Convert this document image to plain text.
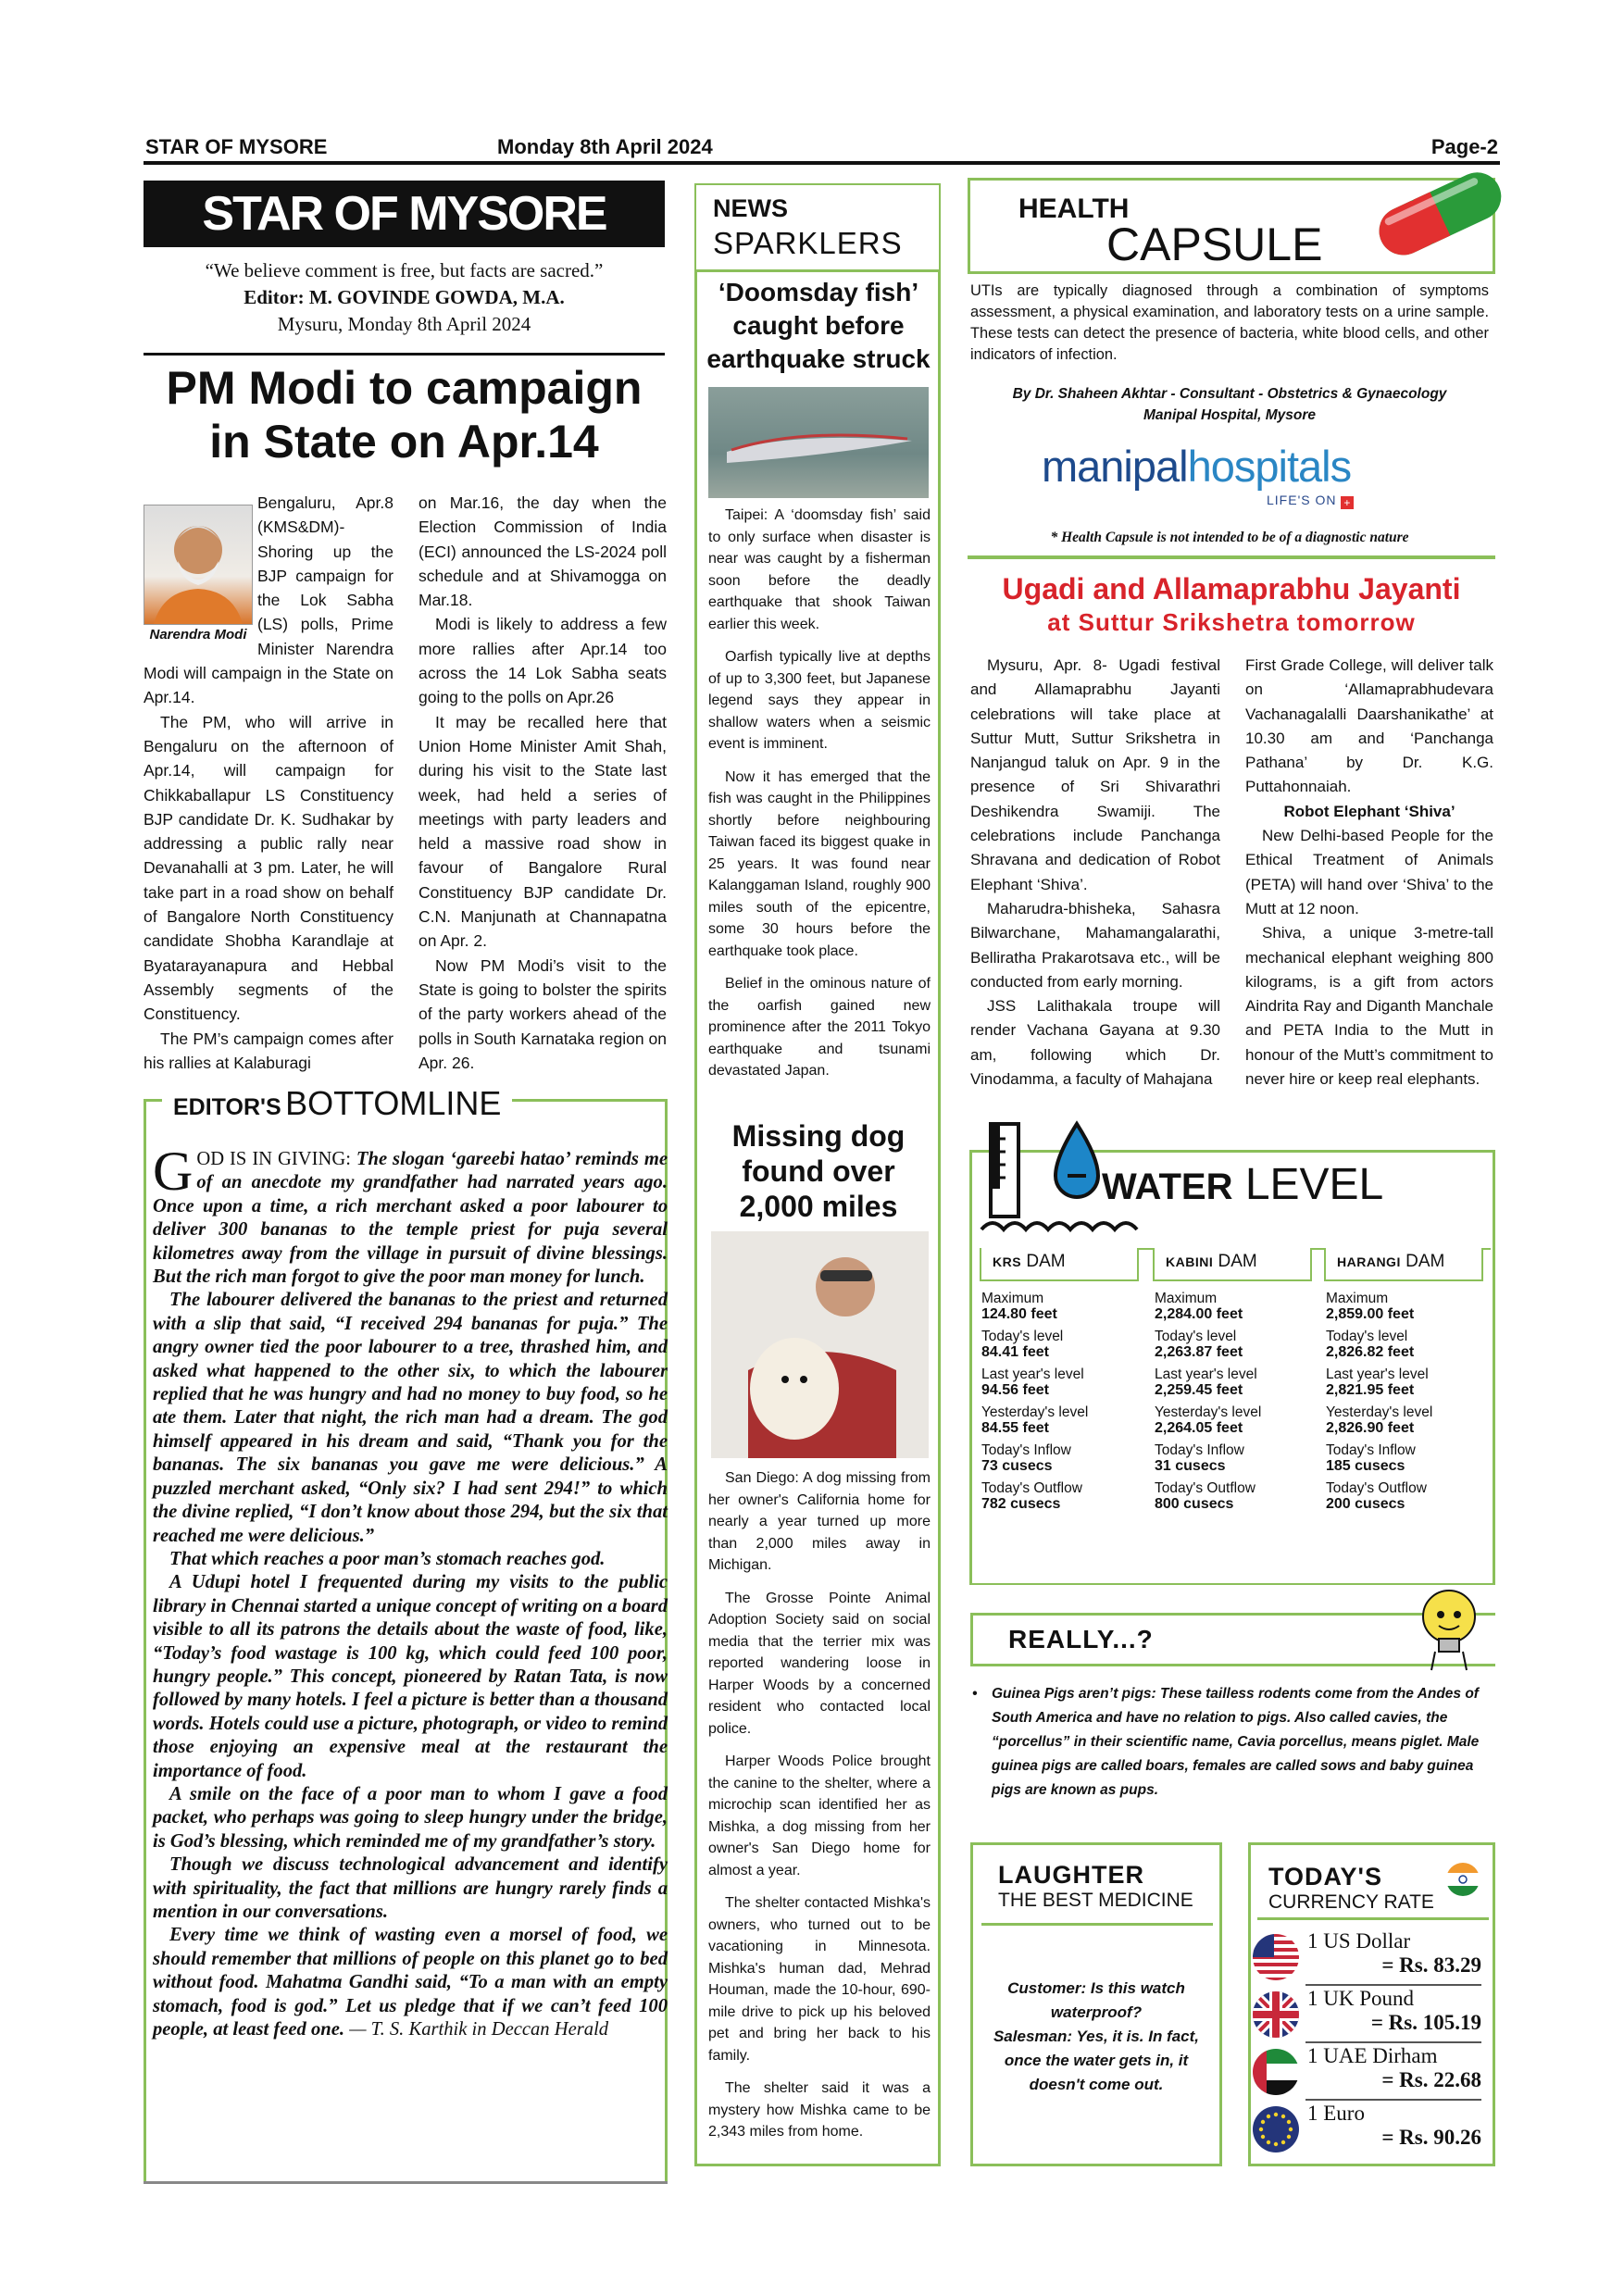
STAR OF MYSORE	Monday 8th April 2024	Page-2
STAR OF MYSORE
“We believe comment is free, but facts are sacred.”
Editor: M. GOVINDE GOWDA, M.A.
Mysuru, Monday 8th April 2024
PM Modi to campaign
in State on Apr.14
Narendra Modi

Bengaluru, Apr.8 (KMS&DM)- Shoring up the BJP campaign for the Lok Sabha (LS) polls, Prime Minister Narendra Modi will campaign in the State on Apr.14.

The PM, who will arrive in Bengaluru on the afternoon of Apr.14, will campaign for Chikkaballapur LS Constituency BJP candidate Dr. K. Sudhakar by addressing a public rally near Devanahalli at 3 pm. Later, he will take part in a road show on behalf of Bangalore North Constituency candidate Shobha Karandlaje at Byatarayanapura and Hebbal Assembly segments of the Constituency.

The PM’s campaign comes after his rallies at Kalaburagi

on Mar.16, the day when the Election Commission of India (ECI) announced the LS-2024 poll schedule and at Shivamogga on Mar.18.

Modi is likely to address a few more rallies after Apr.14 too across the 14 Lok Sabha seats going to the polls on Apr.26

It may be recalled here that Union Home Minister Amit Shah, during his visit to the State last week, had held a series of meetings with party leaders and held a massive road show in favour of Bangalore Rural Constituency BJP candidate Dr. C.N. Manjunath at Channapatna on Apr. 2.

Now PM Modi’s visit to the State is going to bolster the spirits of the party workers ahead of the polls in South Karnataka region on Apr. 26.

EDITOR'S BOTTOMLINE

GOD IS IN GIVING: The slogan ‘gareebi hatao’ reminds me of an anecdote my grandfather had narrated years ago. Once upon a time, a rich merchant asked a poor labourer to deliver 300 bananas to the temple priest for puja several kilometres away from the village in pursuit of divine blessings. But the rich man forgot to give the poor man money for lunch.

The labourer delivered the bananas to the priest and returned with a slip that said, “I received 294 bananas for puja.” The angry owner tied the poor labourer to a tree, thrashed him, and asked what happened to the other six, to which the labourer replied that he was hungry and had no money to buy food, so he ate them. Later that night, the rich man had a dream. The god himself appeared in his dream and said, “Thank you for the bananas. The six bananas you gave me were delicious.” A puzzled merchant asked, “Only six? I had sent 294!” to which the divine replied, “I don’t know about those 294, but the six that reached me were delicious.”

That which reaches a poor man’s stomach reaches god.

A Udupi hotel I frequented during my visits to the public library in Chennai started a unique concept of writing on a board visible to all its patrons the details about the waste of food, like, “Today’s food wastage is 100 kg, which could feed 100 poor, hungry people.” This concept, pioneered by Ratan Tata, is now followed by many hotels. I feel a picture is better than a thousand words. Hotels could use a picture, photograph, or video to remind those enjoying an expensive meal at the restaurant the importance of food.

A smile on the face of a poor man to whom I gave a food packet, who perhaps was going to sleep hungry under the bridge, is God’s blessing, which reminded me of my grandfather’s story.

Though we discuss technological advancement and identify with spirituality, the fact that millions are hungry rarely finds a mention in our conversations.

Every time we think of wasting even a morsel of food, we should remember that millions of people on this planet go to bed without food. Mahatma Gandhi said, “To a man with an empty stomach, food is god.” Let us pledge that if we can’t feed 100 people, at least feed one. — T. S. Karthik in Deccan Herald

NEWS
SPARKLERS
‘Doomsday fish’ caught before earthquake struck

Taipei: A ‘doomsday fish’ said to only surface when disaster is near was caught by a fisherman soon before the deadly earthquake that shook Taiwan earlier this week.

Oarfish typically live at depths of up to 3,300 feet, but Japanese legend says they appear in shallow waters when a seismic event is imminent.

Now it has emerged that the fish was caught in the Philippines shortly before neighbouring Taiwan faced its biggest quake in 25 years. It was found near Kalanggaman Island, roughly 900 miles south of the epicentre, some 30 hours before the earthquake took place.

Belief in the ominous nature of the oarfish gained new prominence after the 2011 Tokyo earthquake and tsunami devastated Japan.

Missing dog found over 2,000 miles

San Diego: A dog missing from her owner's California home for nearly a year turned up more than 2,000 miles away in Michigan.

The Grosse Pointe Animal Adoption Society said on social media that the terrier mix was reported wandering loose in Harper Woods by a concerned resident who contacted local police.

Harper Woods Police brought the canine to the shelter, where a microchip scan identified her as Mishka, a dog missing from her owner's San Diego home for almost a year.

The shelter contacted Mishka's owners, who turned out to be vacationing in Minnesota. Mishka's human dad, Mehrad Houman, made the 10-hour, 690-mile drive to pick up his beloved pet and bring her back to his family.

The shelter said it was a mystery how Mishka came to be 2,343 miles from home.

HEALTH
CAPSULE
UTIs are typically diagnosed through a combination of symptoms assessment, a physical examination, and laboratory tests on a urine sample. These tests can detect the presence of bacteria, white blood cells, and other indicators of infection.
By Dr. Shaheen Akhtar - Consultant - Obstetrics & Gynaecology
Manipal Hospital, Mysore
manipalhospitals
LIFE'S ON +
* Health Capsule is not intended to be of a diagnostic nature
Ugadi and Allamaprabhu Jayanti
at Suttur Srikshetra tomorrow

Mysuru, Apr. 8- Ugadi festival and Allamaprabhu Jayanti celebrations will take place at Suttur Mutt, Suttur Srikshetra in Nanjangud taluk on Apr. 9 in the presence of Sri Shivarathri Deshikendra Swamiji. The celebrations include Panchanga Shravana and dedication of Robot Elephant ‘Shiva’.

Maharudra-bhisheka, Sahasra Bilwarchane, Mahamangalarathi, Belliratha Prakarotsava etc., will be conducted from early morning.

JSS Lalithakala troupe will render Vachana Gayana at 9.30 am, following which Dr. Vinodamma, a faculty of Mahajana

First Grade College, will deliver talk on ‘Allamaprabhudevara Vachanagalalli Daarshanikathe’ at 10.30 am and ‘Panchanga Pathana’ by Dr. K.G. Puttahonnaiah.

Robot Elephant ‘Shiva’

New Delhi-based People for the Ethical Treatment of Animals (PETA) will hand over ‘Shiva’ to the Mutt at 12 noon.

Shiva, a unique 3-metre-tall mechanical elephant weighing 800 kilograms, is a gift from actors Aindrita Ray and Diganth Manchale and PETA India to the Mutt in honour of the Mutt’s commitment to never hire or keep real elephants.

WATER LEVEL
KRS DAM
Maximum
124.80 feet
Today's level
84.41 feet
Last year's level
94.56 feet
Yesterday's level
84.55 feet
Today's Inflow
73 cusecs
Today's Outflow
782 cusecs
KABINI DAM
Maximum
2,284.00 feet
Today's level
2,263.87 feet
Last year's level
2,259.45 feet
Yesterday's level
2,264.05 feet
Today's Inflow
31 cusecs
Today's Outflow
800 cusecs
HARANGI DAM
Maximum
2,859.00 feet
Today's level
2,826.82 feet
Last year's level
2,821.95 feet
Yesterday's level
2,826.90 feet
Today's Inflow
185 cusecs
Today's Outflow
200 cusecs
REALLY...?
•	Guinea Pigs aren’t pigs: These tailless rodents come from the Andes of South America and have no relation to pigs. Also called cavies, the “porcellus” in their scientific name, Cavia porcellus, means piglet. Male guinea pigs are called boars, females are called sows and baby guinea pigs are known as pups.
LAUGHTER
THE BEST MEDICINE
Customer: Is this watch waterproof?
Salesman: Yes, it is. In fact, once the water gets in, it doesn't come out.
TODAY'S
CURRENCY RATE
1 US Dollar
= Rs. 83.29
1 UK Pound
= Rs. 105.19
1 UAE Dirham
= Rs. 22.68
1 Euro
= Rs. 90.26
